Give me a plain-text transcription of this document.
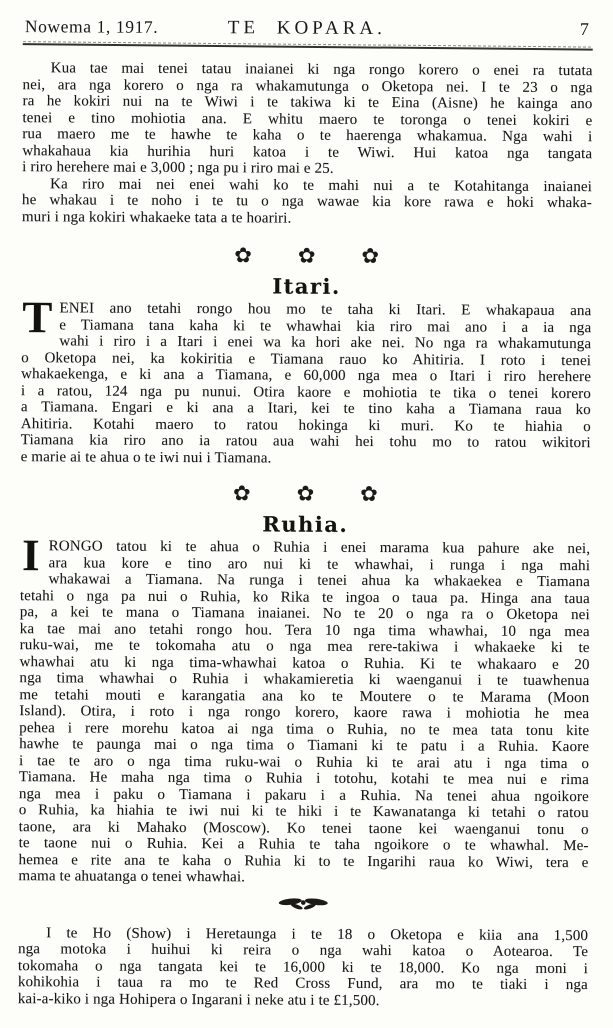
Nowema 1, 1917.	TE KOPARA.	7
Kua tae mai tenei tatau inaianei ki nga rongo korero o enei ra tutata
nei, ara nga korero o nga ra whakamutunga o Oketopa nei. I te 23 o nga
ra he kokiri nui na te Wiwi i te takiwa ki te Eina (Aisne) he kainga ano
tenei e tino mohiotia ana. E whitu maero te toronga o tenei kokiri e
rua maero me te hawhe te kaha o te haerenga whakamua. Nga wahi i
whakahaua kia hurihia huri katoa i te Wiwi. Hui katoa nga tangata
i riro herehere mai e 3,000 ; nga pu i riro mai e 25.
Ka riro mai nei enei wahi ko te mahi nui a te Kotahitanga inaianei
he whakau i te noho i te tu o nga wawae kia kore rawa e hoki whaka-
muri i nga kokiri whakaeke tata a te hoariri.
✿ ✿ ✿
Itari.
T ENEI ano tetahi rongo hou mo te taha ki Itari. E whakapaua ana
e Tiamana tana kaha ki te whawhai kia riro mai ano i a ia nga
wahi i riro i a Itari i enei wa ka hori ake nei. No nga ra whakamutunga
o Oketopa nei, ka kokiritia e Tiamana rauo ko Ahitiria. I roto i tenei
whakaekenga, e ki ana a Tiamana, e 60,000 nga mea o Itari i riro herehere
i a ratou, 124 nga pu nunui. Otira kaore e mohiotia te tika o tenei korero
a Tiamana. Engari e ki ana a Itari, kei te tino kaha a Tiamana raua ko
Ahitiria. Kotahi maero to ratou hokinga ki muri. Ko te hiahia o
Tiamana kia riro ano ia ratou aua wahi hei tohu mo to ratou wikitori
e marie ai te ahua o te iwi nui i Tiamana.
✿ ✿ ✿
Ruhia.
I RONGO tatou ki te ahua o Ruhia i enei marama kua pahure ake nei,
ara kua kore e tino aro nui ki te whawhai, i runga i nga mahi
whakawai a Tiamana. Na runga i tenei ahua ka whakaekea e Tiamana
tetahi o nga pa nui o Ruhia, ko Rika te ingoa o taua pa. Hinga ana taua
pa, a kei te mana o Tiamana inaianei. No te 20 o nga ra o Oketopa nei
ka tae mai ano tetahi rongo hou. Tera 10 nga tima whawhai, 10 nga mea
ruku-wai, me te tokomaha atu o nga mea rere-takiwa i whakaeke ki te
whawhai atu ki nga tima-whawhai katoa o Ruhia. Ki te whakaaro e 20
nga tima whawhai o Ruhia i whakamieretia ki waenganui i te tuawhenua
me tetahi mouti e karangatia ana ko te Moutere o te Marama (Moon
Island). Otira, i roto i nga rongo korero, kaore rawa i mohiotia he mea
pehea i rere morehu katoa ai nga tima o Ruhia, no te mea tata tonu kite
hawhe te paunga mai o nga tima o Tiamani ki te patu i a Ruhia. Kaore
i tae te aro o nga tima ruku-wai o Ruhia ki te arai atu i nga tima o
Tiamana. He maha nga tima o Ruhia i totohu, kotahi te mea nui e rima
nga mea i paku o Tiamana i pakaru i a Ruhia. Na tenei ahua ngoikore
o Ruhia, ka hiahia te iwi nui ki te hiki i te Kawanatanga ki tetahi o ratou
taone, ara ki Mahako (Moscow). Ko tenei taone kei waenganui tonu o
te taone nui o Ruhia. Kei a Ruhia te taha ngoikore o te whawhal. Me-
hemea e rite ana te kaha o Ruhia ki to te Ingarihi raua ko Wiwi, tera e
mama te ahuatanga o tenei whawhai.
I te Ho (Show) i Heretaunga i te 18 o Oketopa e kiia ana 1,500
nga motoka i huihui ki reira o nga wahi katoa o Aotearoa. Te
tokomaha o nga tangata kei te 16,000 ki te 18,000. Ko nga moni i
kohikohia i taua ra mo te Red Cross Fund, ara mo te tiaki i nga
kai-a-kiko i nga Hohipera o Ingarani i neke atu i te £1,500.
